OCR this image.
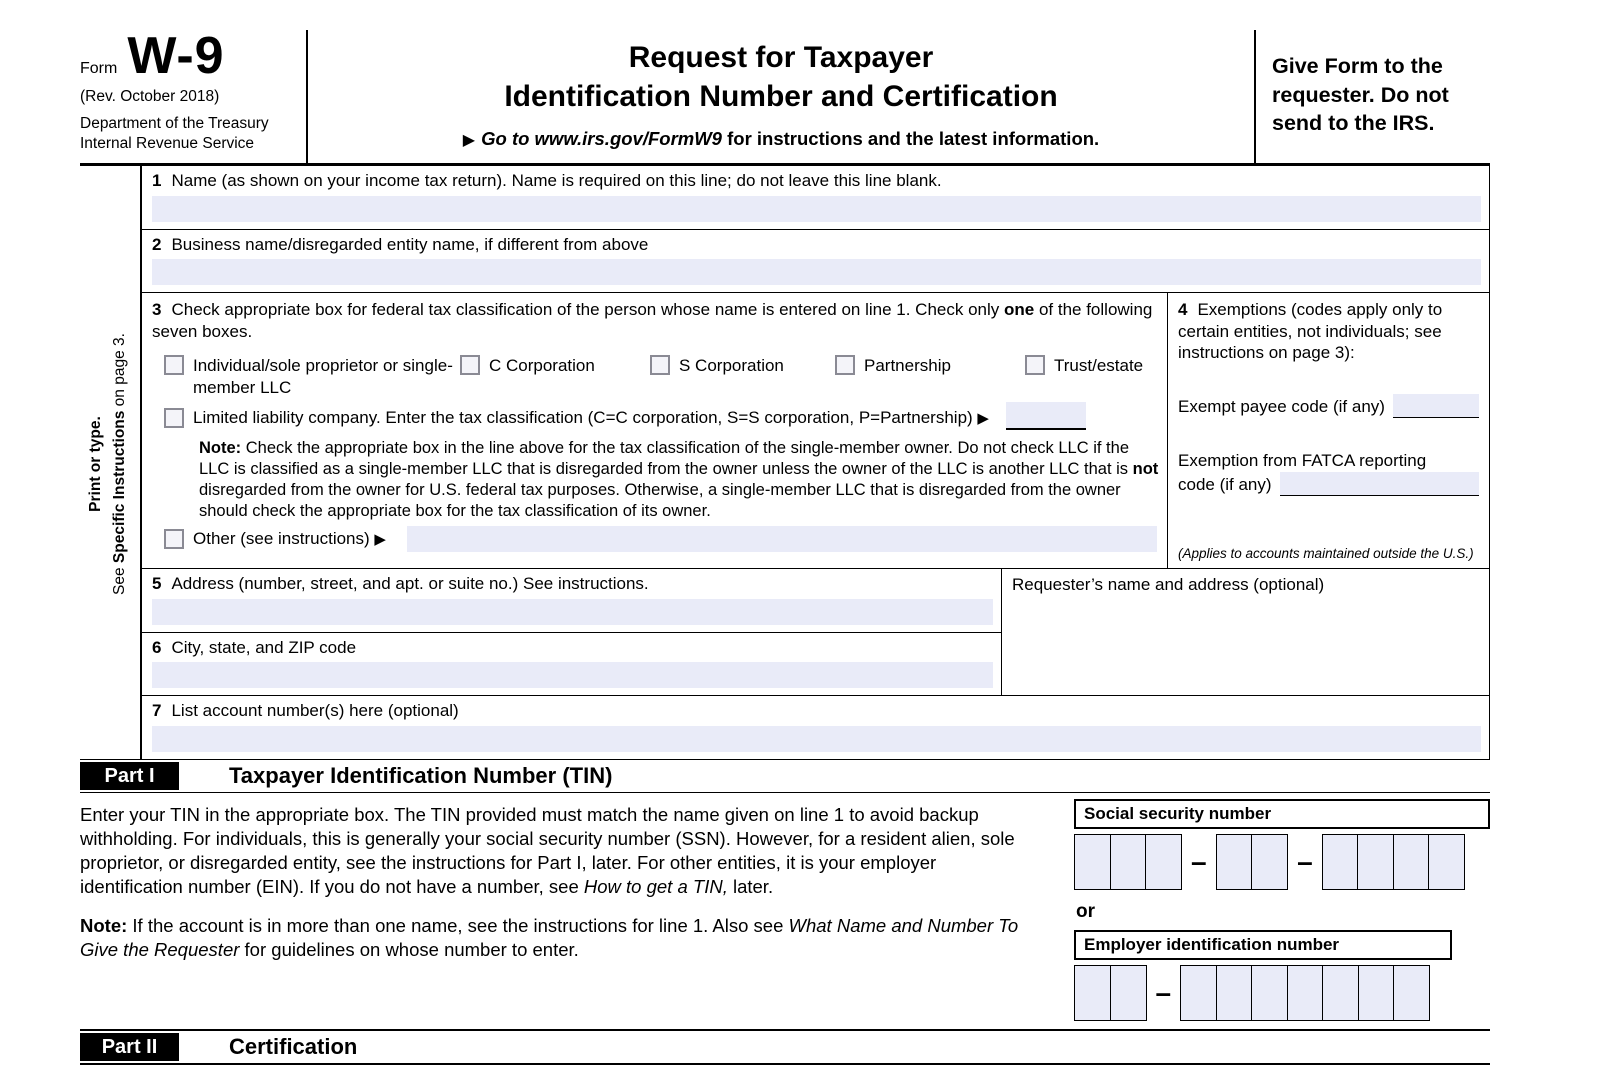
Form W-9
(Rev. October 2018)
Department of the Treasury
Internal Revenue Service
Request for Taxpayer
Identification Number and Certification
▶ Go to www.irs.gov/FormW9 for instructions and the latest information.
Give Form to the requester. Do not send to the IRS.
Print or type.
See Specific Instructions on page 3.
1 Name (as shown on your income tax return). Name is required on this line; do not leave this line blank.
2 Business name/disregarded entity name, if different from above
3 Check appropriate box for federal tax classification of the person whose name is entered on line 1. Check only one of the following seven boxes.
Individual/sole proprietor or single-member LLC
C Corporation	S Corporation	Partnership	Trust/estate
Limited liability company. Enter the tax classification (C=C corporation, S=S corporation, P=Partnership) ▶
Note: Check the appropriate box in the line above for the tax classification of the single-member owner. Do not check LLC if the LLC is classified as a single-member LLC that is disregarded from the owner unless the owner of the LLC is another LLC that is not disregarded from the owner for U.S. federal tax purposes. Otherwise, a single-member LLC that is disregarded from the owner should check the appropriate box for the tax classification of its owner.
Other (see instructions) ▶
4 Exemptions (codes apply only to certain entities, not individuals; see instructions on page 3):
Exempt payee code (if any)
Exemption from FATCA reporting
code (if any)
(Applies to accounts maintained outside the U.S.)
5 Address (number, street, and apt. or suite no.) See instructions.
6 City, state, and ZIP code
Requester’s name and address (optional)
7 List account number(s) here (optional)
Part I	Taxpayer Identification Number (TIN)

Enter your TIN in the appropriate box. The TIN provided must match the name given on line 1 to avoid backup withholding. For individuals, this is generally your social security number (SSN). However, for a resident alien, sole proprietor, or disregarded entity, see the instructions for Part I, later. For other entities, it is your employer identification number (EIN). If you do not have a number, see How to get a TIN, later.

Note: If the account is in more than one name, see the instructions for line 1. Also see What Name and Number To Give the Requester for guidelines on whose number to enter.

Social security number
–	–
or
Employer identification number
–
Part II	Certification
